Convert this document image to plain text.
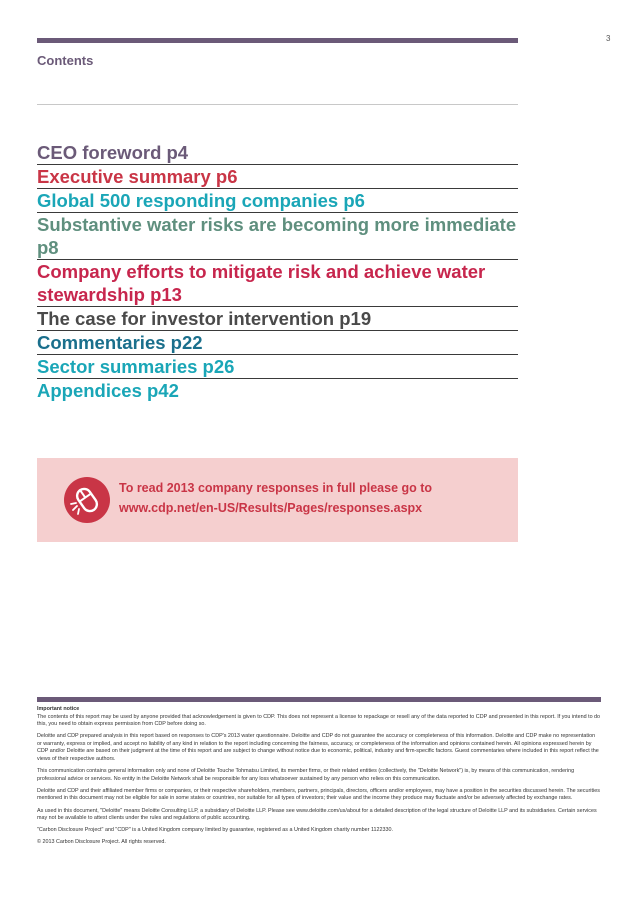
3
Contents
CEO foreword p4
Executive summary p6
Global 500 responding companies p6
Substantive water risks are becoming more immediate p8
Company efforts to mitigate risk and achieve water stewardship p13
The case for investor intervention p19
Commentaries p22
Sector summaries p26
Appendices p42
To read 2013 company responses in full please go to
www.cdp.net/en-US/Results/Pages/responses.aspx

Important notice

The contents of this report may be used by anyone provided that acknowledgement is given to CDP. This does not represent a license to repackage or resell any of the data reported to CDP and presented in this report. If you intend to do this, you need to obtain express permission from CDP before doing so.

Deloitte and CDP prepared analysis in this report based on responses to CDP's 2013 water questionnaire. Deloitte and CDP do not guarantee the accuracy or completeness of this information. Deloitte and CDP make no representation or warranty, express or implied, and accept no liability of any kind in relation to the report including concerning the fairness, accuracy, or completeness of the information and opinions contained herein. All opinions expressed herein by CDP and/or Deloitte are based on their judgment at the time of this report and are subject to change without notice due to economic, political, industry and firm-specific factors. Guest commentaries where included in this report reflect the views of their respective authors.

This communication contains general information only and none of Deloitte Touche Tohmatsu Limited, its member firms, or their related entities (collectively, the "Deloitte Network") is, by means of this communication, rendering professional advice or services. No entity in the Deloitte Network shall be responsible for any loss whatsoever sustained by any person who relies on this communication.

Deloitte and CDP and their affiliated member firms or companies, or their respective shareholders, members, partners, principals, directors, officers and/or employees, may have a position in the securities discussed herein. The securities mentioned in this document may not be eligible for sale in some states or countries, nor suitable for all types of investors; their value and the income they produce may fluctuate and/or be adversely affected by exchange rates.

As used in this document, "Deloitte" means Deloitte Consulting LLP, a subsidiary of Deloitte LLP. Please see www.deloitte.com/us/about for a detailed description of the legal structure of Deloitte LLP and its subsidiaries. Certain services may not be available to attest clients under the rules and regulations of public accounting.

"Carbon Disclosure Project" and "CDP" is a United Kingdom company limited by guarantee, registered as a United Kingdom charity number 1122330.

© 2013 Carbon Disclosure Project. All rights reserved.
